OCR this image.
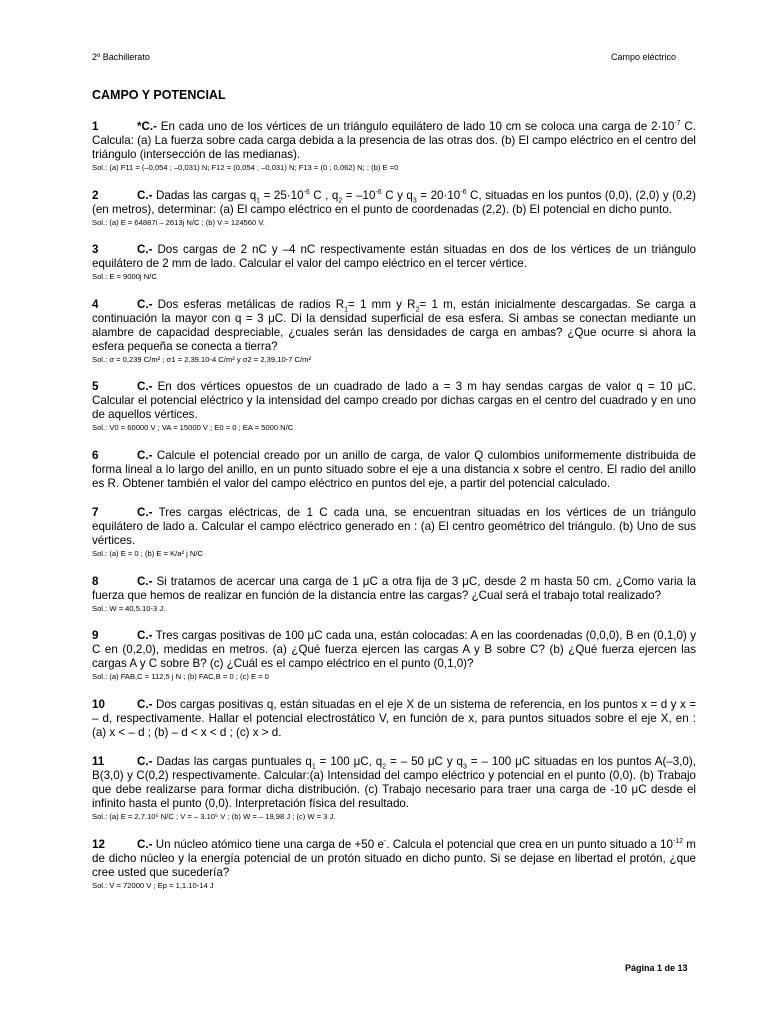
2º Bachillerato	Campo eléctrico
CAMPO Y POTENCIAL
1	*C.- En cada uno de los vértices de un triángulo equilátero de lado 10 cm se coloca una carga de $2\cdot 10^{-7}$ C. Calcula: (a) La fuerza sobre cada carga debida a la presencia de las otras dos. (b) El campo eléctrico en el centro del triángulo (intersección de las medianas).
Sol.: (a) F11 = (–0,054 ; –0,031) N; F12 = (0,054 ; –0,031) N; F13 = (0 ; 0,062) N; ; (b) E =0
2	C.- Dadas las cargas $q_1 = 25\cdot 10^{-6}$ C , $q_2 = -10^{-6}$ C y $q_3 = 20\cdot 10^{-6}$ C, situadas en los puntos (0,0), (2,0) y (0,2) (en metros), determinar: (a) El campo eléctrico en el punto de coordenadas (2,2). (b) El potencial en dicho punto.
Sol.: (a) E = 64887i – 2613j N/C ; (b) V = 124560 V.
3	C.- Dos cargas de 2 nC y –4 nC respectivamente están situadas en dos de los vértices de un triángulo equilátero de 2 mm de lado. Calcular el valor del campo eléctrico en el tercer vértice.
Sol.: E = 9000j N/C
4	C.- Dos esferas metálicas de radios $R_1= 1$ mm y $R_2= 1$ m, están inicialmente descargadas. Se carga a continuación la mayor con q = 3 μC. Di la densidad superficial de esa esfera. Si ambas se conectan mediante un alambre de capacidad despreciable, ¿cuales serán las densidades de carga en ambas? ¿Que ocurre si ahora la esfera pequeña se conecta a tierra?
Sol.: σ = 0,239 C/m² ; σ1 = 2,39.10-4 C/m² y σ2 = 2,39.10-7 C/m²
5	C.- En dos vértices opuestos de un cuadrado de lado a = 3 m hay sendas cargas de valor q = 10 μC. Calcular el potencial eléctrico y la intensidad del campo creado por dichas cargas en el centro del cuadrado y en uno de aquellos vértices.
Sol.: V0 = 60000 V ; VA = 15000 V ; E0 = 0 ; EA = 5000 N/C
6	C.- Calcule el potencial creado por un anillo de carga, de valor Q culombios uniformemente distribuida de forma lineal a lo largo del anillo, en un punto situado sobre el eje a una distancia x sobre el centro. El radio del anillo es R. Obtener también el valor del campo eléctrico en puntos del eje, a partir del potencial calculado.
7	C.- Tres cargas eléctricas, de 1 C cada una, se encuentran situadas en los vértices de un triángulo equilátero de lado a. Calcular el campo eléctrico generado en : (a) El centro geométrico del triángulo. (b) Uno de sus vértices.
Sol.: (a) E = 0 ; (b) E = K/a² j N/C
8	C.- Si tratamos de acercar una carga de 1 μC a otra fija de 3 μC, desde 2 m hasta 50 cm. ¿Como varia la fuerza que hemos de realizar en función de la distancia entre las cargas? ¿Cual será el trabajo total realizado?
Sol.: W = 40,5.10-3 J.
9	C.- Tres cargas positivas de 100 μC cada una, están colocadas: A en las coordenadas (0,0,0), B en (0,1,0) y C en (0,2,0), medidas en metros. (a) ¿Qué fuerza ejercen las cargas A y B sobre C? (b) ¿Qué fuerza ejercen las cargas A y C sobre B? (c) ¿Cuál es el campo eléctrico en el punto (0,1,0)?
Sol.: (a) FAB,C = 112,5 j N ; (b) FAC,B = 0 ; (c) E = 0
10	C.- Dos cargas positivas q, están situadas en el eje X de un sistema de referencia, en los puntos x = d y x = – d, respectivamente. Hallar el potencial electrostático V, en función de x, para puntos situados sobre el eje X, en : (a) x < – d ; (b) – d < x < d ; (c) x > d.
11	C.- Dadas las cargas puntuales $q_1 = 100$ μC, $q_2$ = – 50 μC y $q_3$ = – 100 μC situadas en los puntos A(–3,0), B(3,0) y C(0,2) respectivamente. Calcular:(a) Intensidad del campo eléctrico y potencial en el punto (0,0). (b) Trabajo que debe realizarse para formar dicha distribución. (c) Trabajo necesario para traer una carga de -10 μC desde el infinito hasta el punto (0,0). Interpretación física del resultado.
Sol.: (a) E = 2,7.10⁵ N/C ; V = – 3.10⁵ V ; (b) W = – 19,98 J ; (c) W = 3 J.
12	C.- Un núcleo atómico tiene una carga de +50 e-. Calcula el potencial que crea en un punto situado a $10^{-12}$ m de dicho núcleo y la energía potencial de un protón situado en dicho punto. Si se dejase en libertad el protón, ¿que cree usted que sucedería?
Sol.: V = 72000 V ; Ep = 1,1.10-14 J
Página 1 de 13
